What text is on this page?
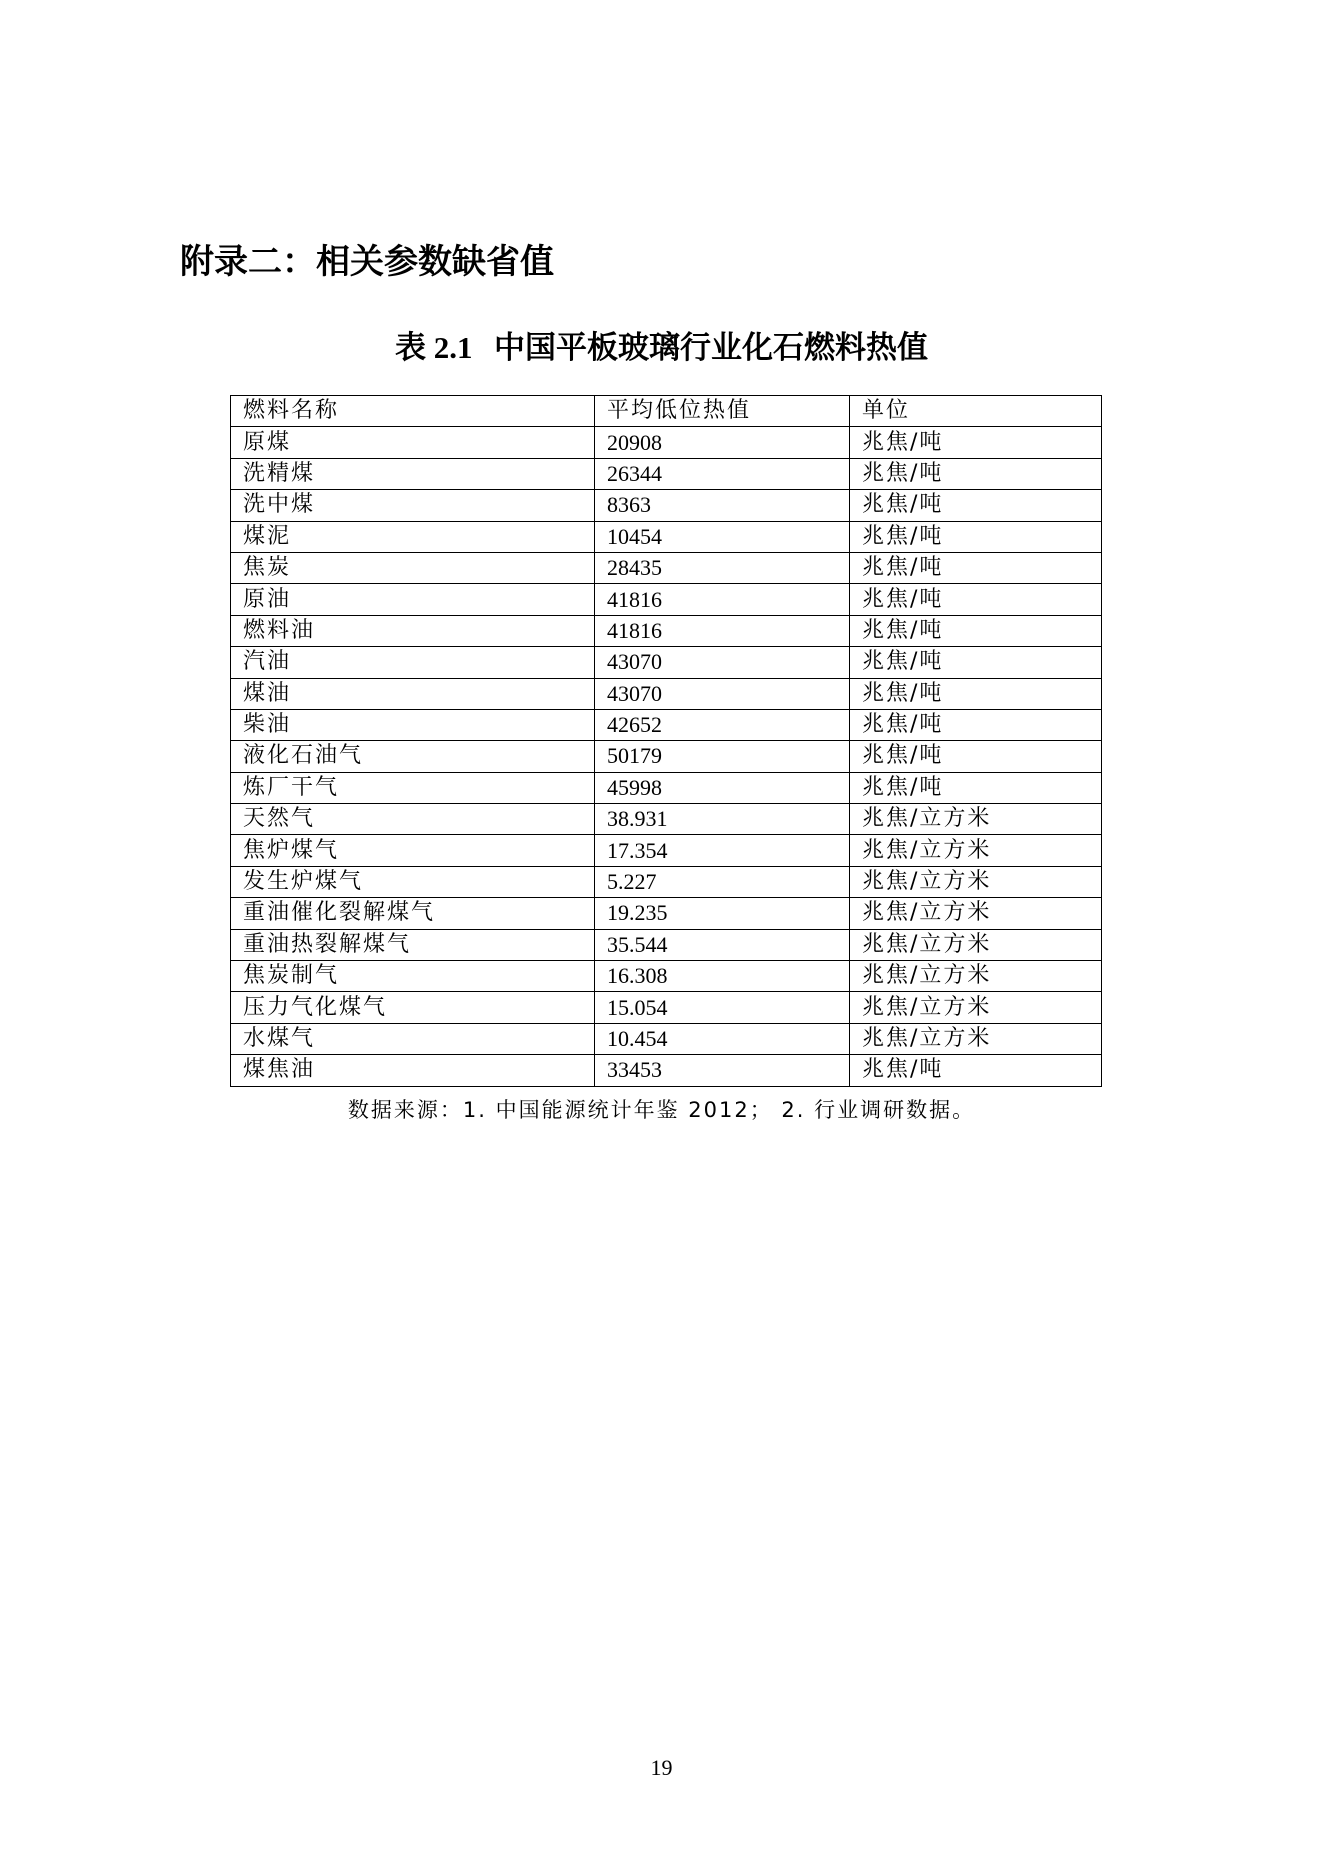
附录二：相关参数缺省值
表 2.1 中国平板玻璃行业化石燃料热值
燃料名称	平均低位热值	单位
原煤	20908	兆焦/吨
洗精煤	26344	兆焦/吨
洗中煤	8363	兆焦/吨
煤泥	10454	兆焦/吨
焦炭	28435	兆焦/吨
原油	41816	兆焦/吨
燃料油	41816	兆焦/吨
汽油	43070	兆焦/吨
煤油	43070	兆焦/吨
柴油	42652	兆焦/吨
液化石油气	50179	兆焦/吨
炼厂干气	45998	兆焦/吨
天然气	38.931	兆焦/立方米
焦炉煤气	17.354	兆焦/立方米
发生炉煤气	5.227	兆焦/立方米
重油催化裂解煤气	19.235	兆焦/立方米
重油热裂解煤气	35.544	兆焦/立方米
焦炭制气	16.308	兆焦/立方米
压力气化煤气	15.054	兆焦/立方米
水煤气	10.454	兆焦/立方米
煤焦油	33453	兆焦/吨
数据来源：1. 中国能源统计年鉴 2012； 2. 行业调研数据。
19
